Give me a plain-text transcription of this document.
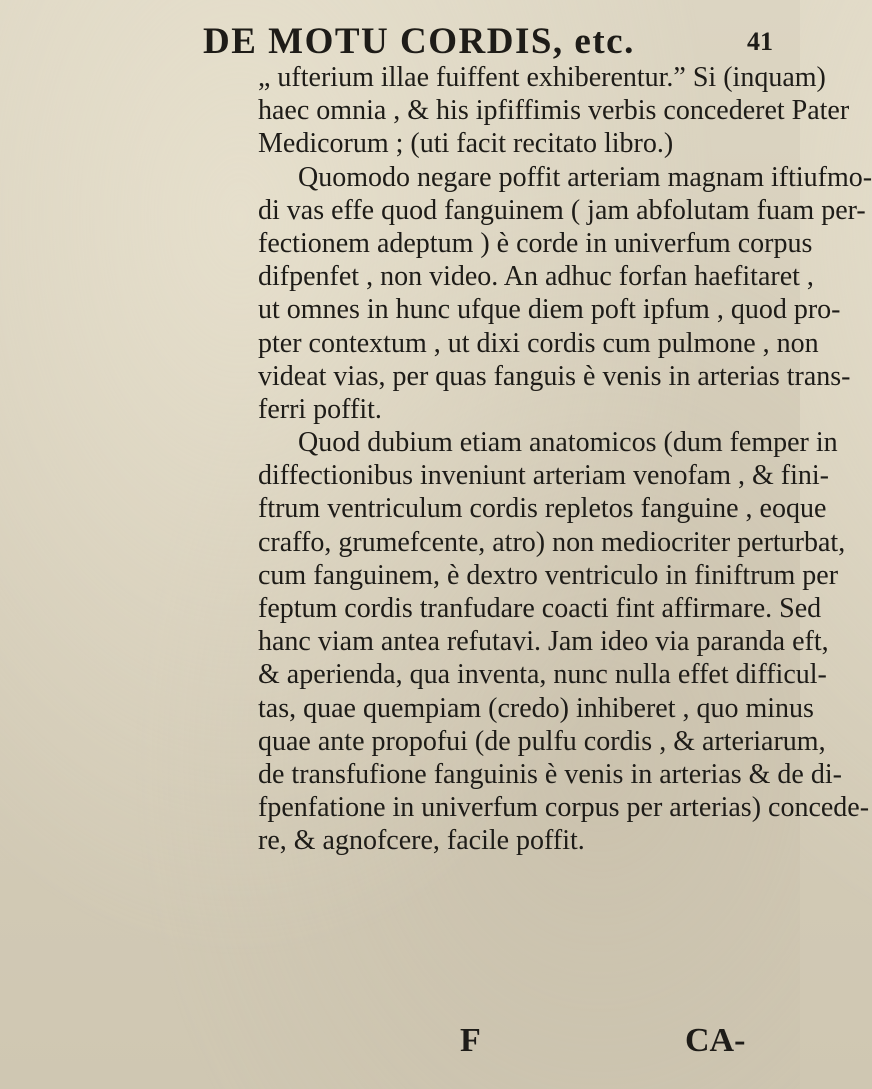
DE MOTU CORDIS, etc.	41
„ ufterium illae fuiffent exhiberentur.” Si (inquam)
haec omnia , & his ipfiffimis verbis concederet Pater
Medicorum ; (uti facit recitato libro.)
Quomodo negare poffit arteriam magnam iftiufmo-
di vas effe quod fanguinem ( jam abfolutam fuam per-
fectionem adeptum ) è corde in univerfum corpus
difpenfet , non video. An adhuc forfan haefitaret ,
ut omnes in hunc ufque diem poft ipfum , quod pro-
pter contextum , ut dixi cordis cum pulmone , non
videat vias, per quas fanguis è venis in arterias trans-
ferri poffit.
Quod dubium etiam anatomicos (dum femper in
diffectionibus inveniunt arteriam venofam , & fini-
ftrum ventriculum cordis repletos fanguine , eoque
craffo, grumefcente, atro) non mediocriter perturbat,
cum fanguinem, è dextro ventriculo in finiftrum per
feptum cordis tranfudare coacti fint affirmare. Sed
hanc viam antea refutavi. Jam ideo via paranda eft,
& aperienda, qua inventa, nunc nulla effet difficul-
tas, quae quempiam (credo) inhiberet , quo minus
quae ante propofui (de pulfu cordis , & arteriarum,
de transfufione fanguinis è venis in arterias & de di-
fpenfatione in univerfum corpus per arterias) concede-
re, & agnofcere, facile poffit.
F	CA-
